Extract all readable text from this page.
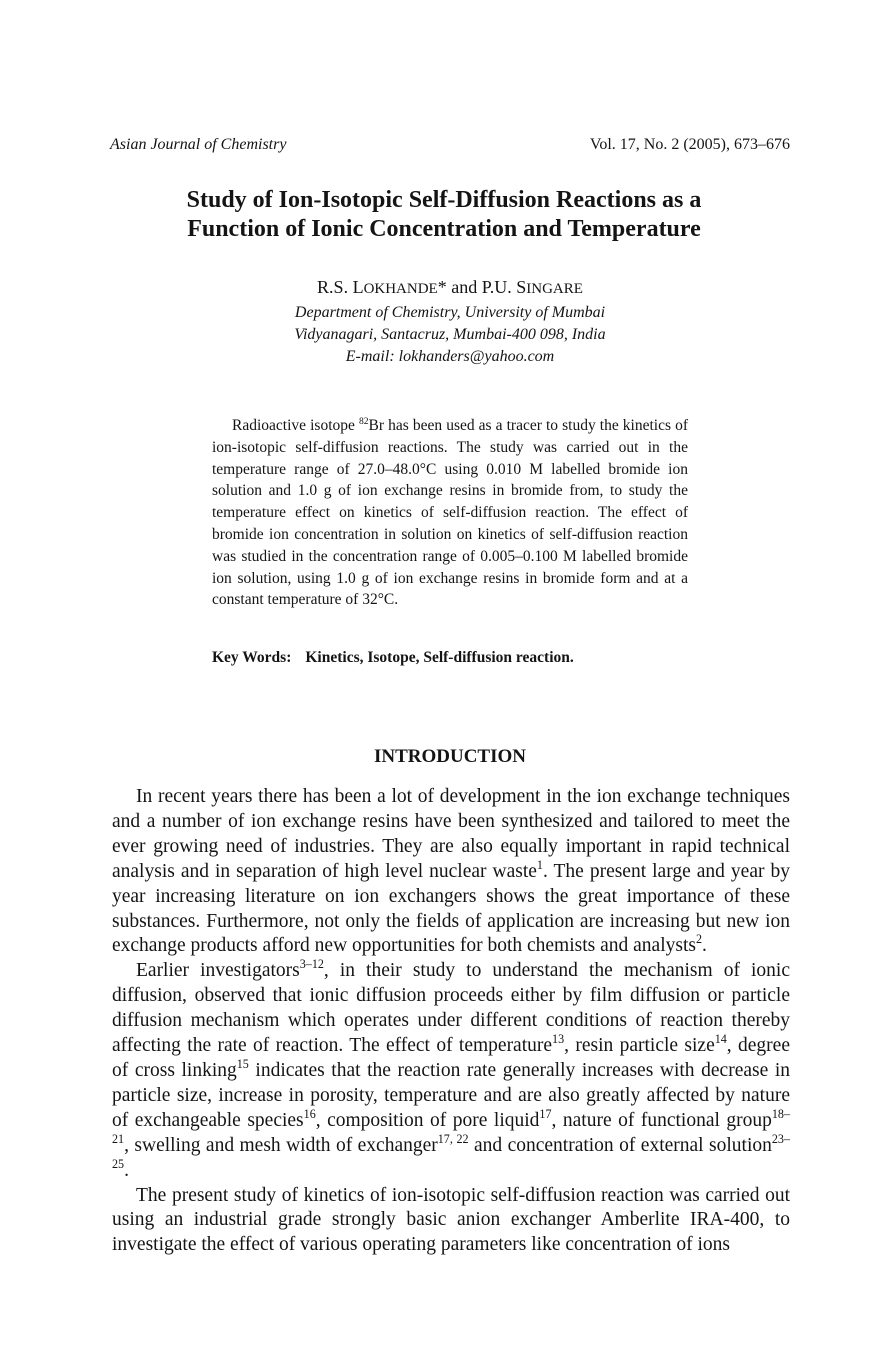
Asian Journal of Chemistry	Vol. 17, No. 2 (2005), 673–676
Study of Ion-Isotopic Self-Diffusion Reactions as a
Function of Ionic Concentration and Temperature
R.S. LOKHANDE* and P.U. SINGARE
Department of Chemistry, University of Mumbai
Vidyanagari, Santacruz, Mumbai-400 098, India
E-mail: lokhanders@yahoo.com

Radioactive isotope $^{82}$Br has been used as a tracer to study the kinetics of ion-isotopic self-diffusion reactions. The study was carried out in the temperature range of 27.0–48.0°C using 0.010 M labelled bromide ion solution and 1.0 g of ion exchange resins in bromide from, to study the temperature effect on kinetics of self-diffusion reaction. The effect of bromide ion concentration in solution on kinetics of self-diffusion reaction was studied in the concentration range of 0.005–0.100 M labelled bromide ion solution, using 1.0 g of ion exchange resins in bromide form and at a constant temperature of 32°C.

Key Words: Kinetics, Isotope, Self-diffusion reaction.
INTRODUCTION

In recent years there has been a lot of development in the ion exchange techniques and a number of ion exchange resins have been synthesized and tailored to meet the ever growing need of industries. They are also equally important in rapid technical analysis and in separation of high level nuclear waste$^1$. The present large and year by year increasing literature on ion exchangers shows the great importance of these substances. Furthermore, not only the fields of application are increasing but new ion exchange products afford new opportunities for both chemists and analysts$^2$.

Earlier investigators$^{3-12}$, in their study to understand the mechanism of ionic diffusion, observed that ionic diffusion proceeds either by film diffusion or particle diffusion mechanism which operates under different conditions of reaction thereby affecting the rate of reaction. The effect of temperature$^{13}$, resin particle size$^{14}$, degree of cross linking$^{15}$ indicates that the reaction rate generally increases with decrease in particle size, increase in porosity, temperature and are also greatly affected by nature of exchangeable species$^{16}$, composition of pore liquid$^{17}$, nature of functional group$^{18-21}$, swelling and mesh width of exchanger$^{17, 22}$ and concentration of external solution$^{23-25}$.

The present study of kinetics of ion-isotopic self-diffusion reaction was carried out using an industrial grade strongly basic anion exchanger Amberlite IRA-400, to investigate the effect of various operating parameters like concentration of ions
